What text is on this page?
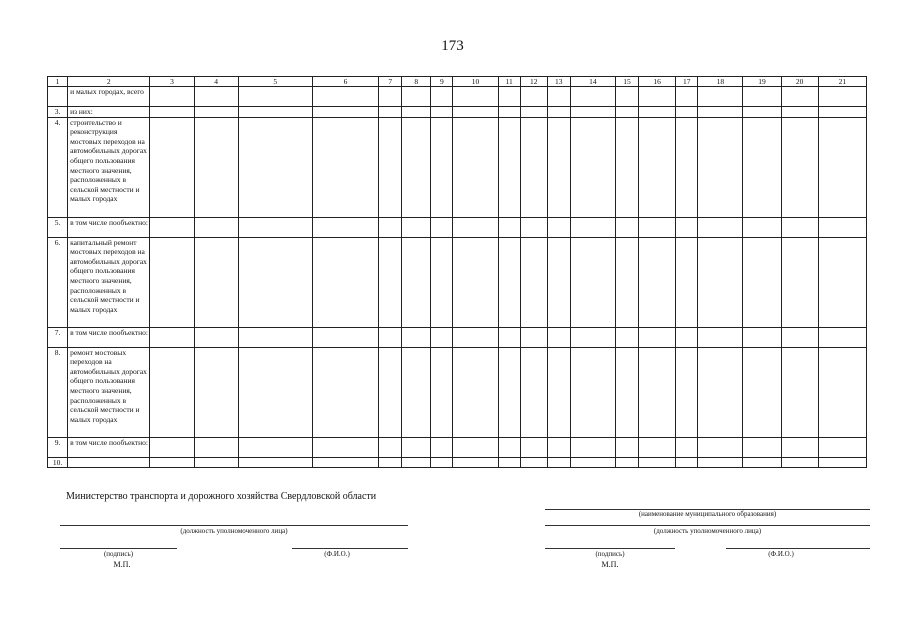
173
1	2	3	4	5	6	7	8	9	10	11	12	13	14	15	16	17	18	19	20	21
	и малых городах, всего																			
3.	из них:																			
4.	строительство и реконструкция мостовых переходов на автомобильных дорогах общего пользования местного значения, расположенных в сельской местности и малых городах																			
5.	в том числе пообъектно:																			
6.	капитальный ремонт мостовых переходов на автомобильных дорогах общего пользования местного значения, расположенных в сельской местности и малых городах																			
7.	в том числе пообъектно:																			
8.	ремонт мостовых переходов на автомобильных дорогах общего пользования местного значения, расположенных в сельской местности и малых городах																			
9.	в том числе пообъектно:																			
10.																				
Министерство транспорта и дорожного хозяйства Свердловской области
(наименование муниципального образования)
(должность уполномоченного лица)	(должность уполномоченного лица)
(подпись)	(Ф.И.О.)	(подпись)	(Ф.И.О.)
М.П.	М.П.
